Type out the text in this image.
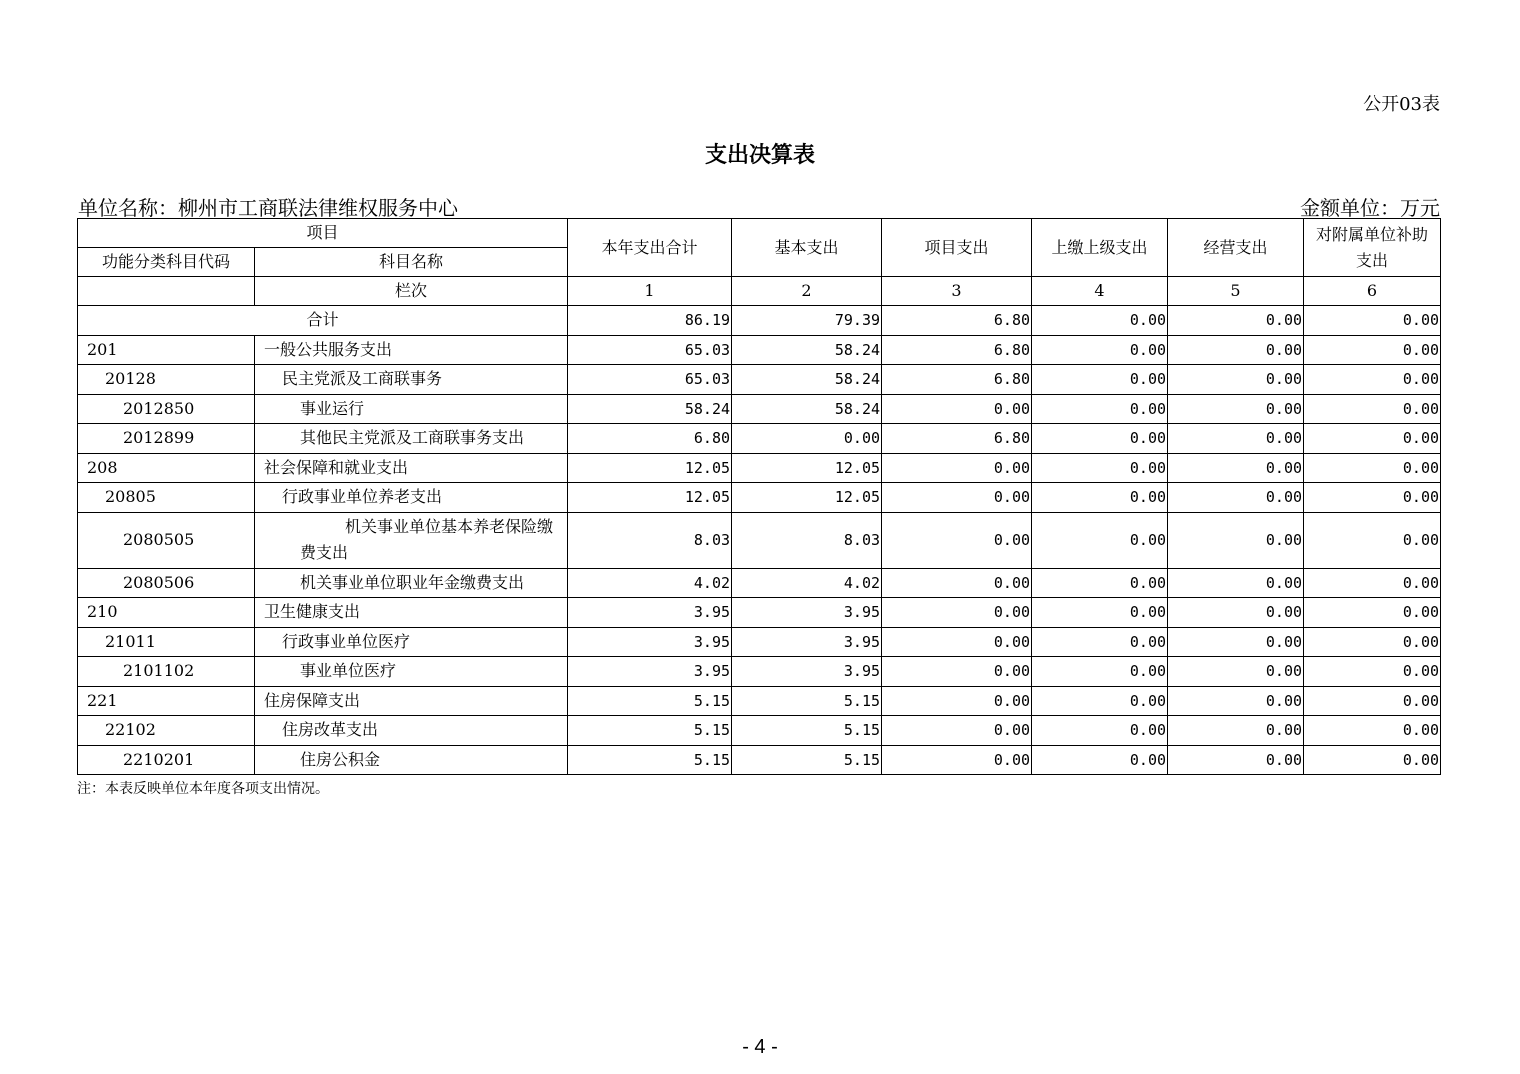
公开03表
支出决算表
单位名称：柳州市工商联法律维权服务中心	金额单位：万元
项目		本年支出合计	基本支出	项目支出	上缴上级支出	经营支出	对附属单位补助支出
功能分类科目代码	科目名称						
	栏次	1	2	3	4	5	6
合计		86.19	79.39	6.80	0.00	0.00	0.00
201	一般公共服务支出	65.03	58.24	6.80	0.00	0.00	0.00
20128	民主党派及工商联事务	65.03	58.24	6.80	0.00	0.00	0.00
2012850	事业运行	58.24	58.24	0.00	0.00	0.00	0.00
2012899	其他民主党派及工商联事务支出	6.80	0.00	6.80	0.00	0.00	0.00
208	社会保障和就业支出	12.05	12.05	0.00	0.00	0.00	0.00
20805	行政事业单位养老支出	12.05	12.05	0.00	0.00	0.00	0.00
2080505	机关事业单位基本养老保险缴费支出	8.03	8.03	0.00	0.00	0.00	0.00
2080506	机关事业单位职业年金缴费支出	4.02	4.02	0.00	0.00	0.00	0.00
210	卫生健康支出	3.95	3.95	0.00	0.00	0.00	0.00
21011	行政事业单位医疗	3.95	3.95	0.00	0.00	0.00	0.00
2101102	事业单位医疗	3.95	3.95	0.00	0.00	0.00	0.00
221	住房保障支出	5.15	5.15	0.00	0.00	0.00	0.00
22102	住房改革支出	5.15	5.15	0.00	0.00	0.00	0.00
2210201	住房公积金	5.15	5.15	0.00	0.00	0.00	0.00
注：本表反映单位本年度各项支出情况。
- 4 -
